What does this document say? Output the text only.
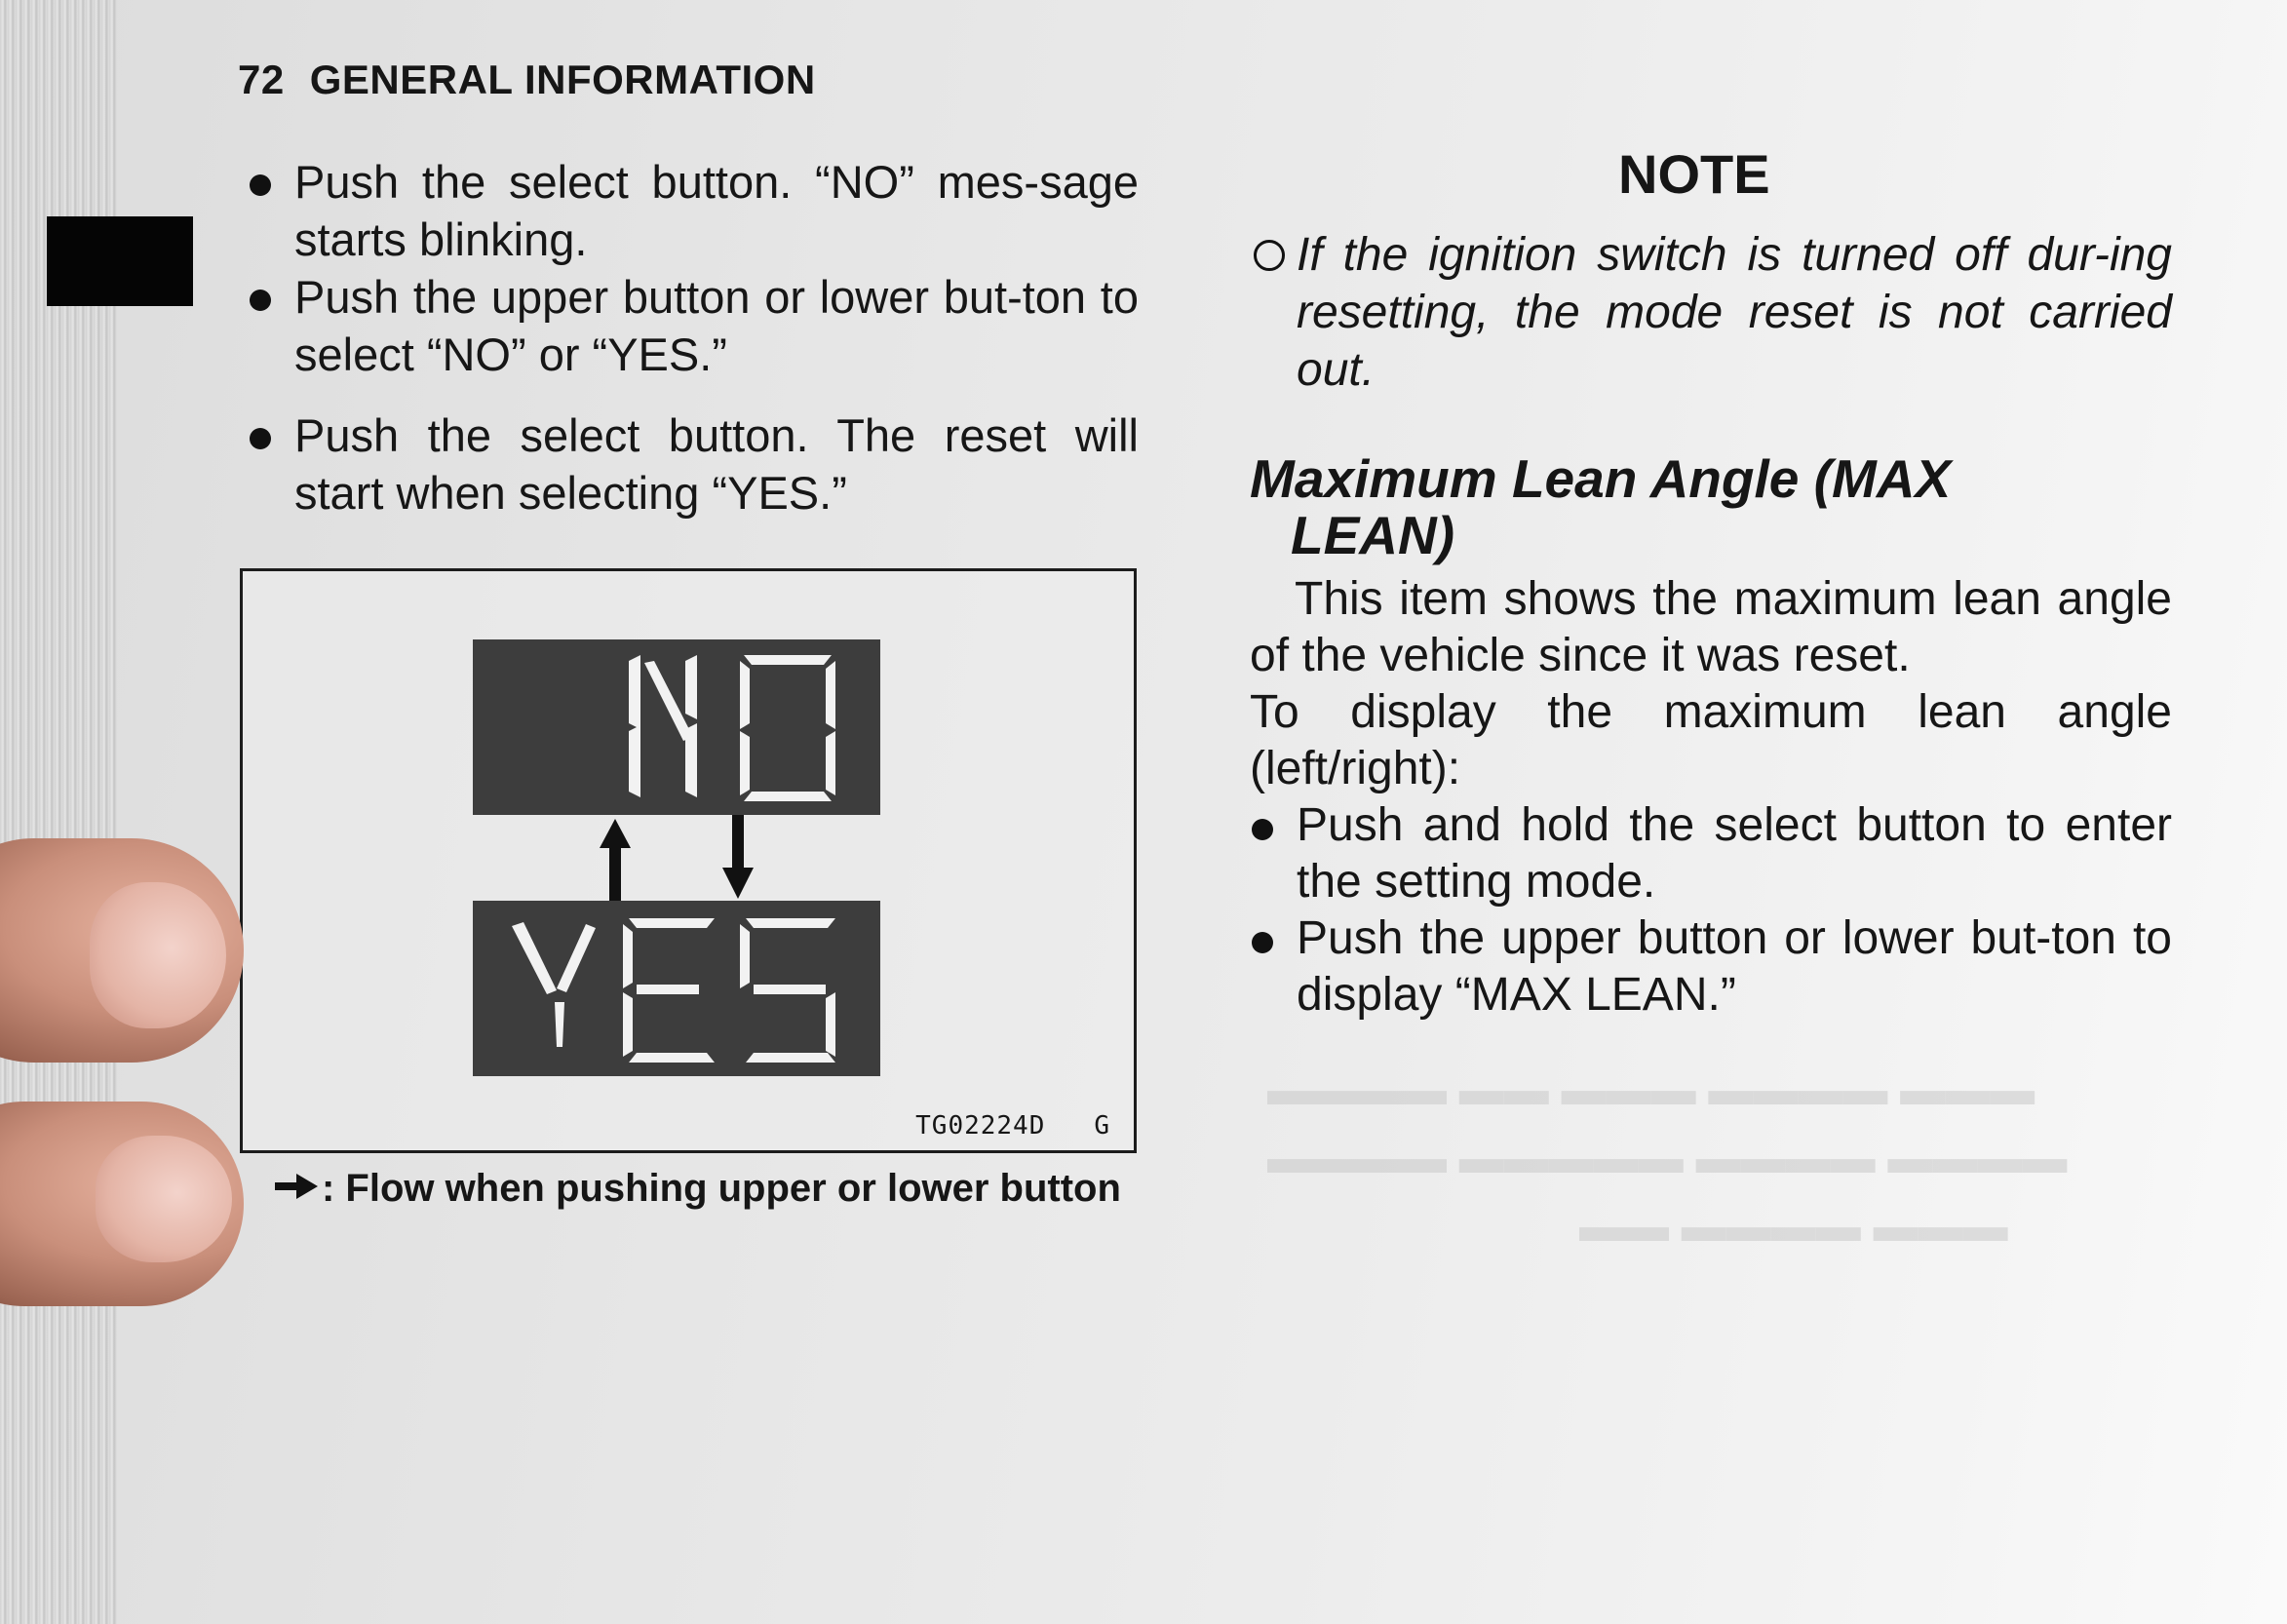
▬▬▬ ▬▬▬▬ ▬▬▬ ▬▬ ▬▬▬▬
▬▬▬▬ ▬▬▬▬ ▬▬▬▬▬ ▬▬▬▬
▬▬▬ ▬▬▬▬ ▬▬
72 GENERAL INFORMATION
Push the select button. “NO” mes-sage starts blinking.
Push the upper button or lower but-ton to select “NO” or “YES.”
Push the select button. The reset will start when selecting “YES.”
TG02224D G
: Flow when pushing upper or lower button
NOTE
If the ignition switch is turned off dur-ing resetting, the mode reset is not carried out.
Maximum Lean Angle (MAX
LEAN)
This item shows the maximum lean angle of the vehicle since it was reset.
To display the maximum lean angle (left/right):
Push and hold the select button to enter the setting mode.
Push the upper button or lower but-ton to display “MAX LEAN.”
